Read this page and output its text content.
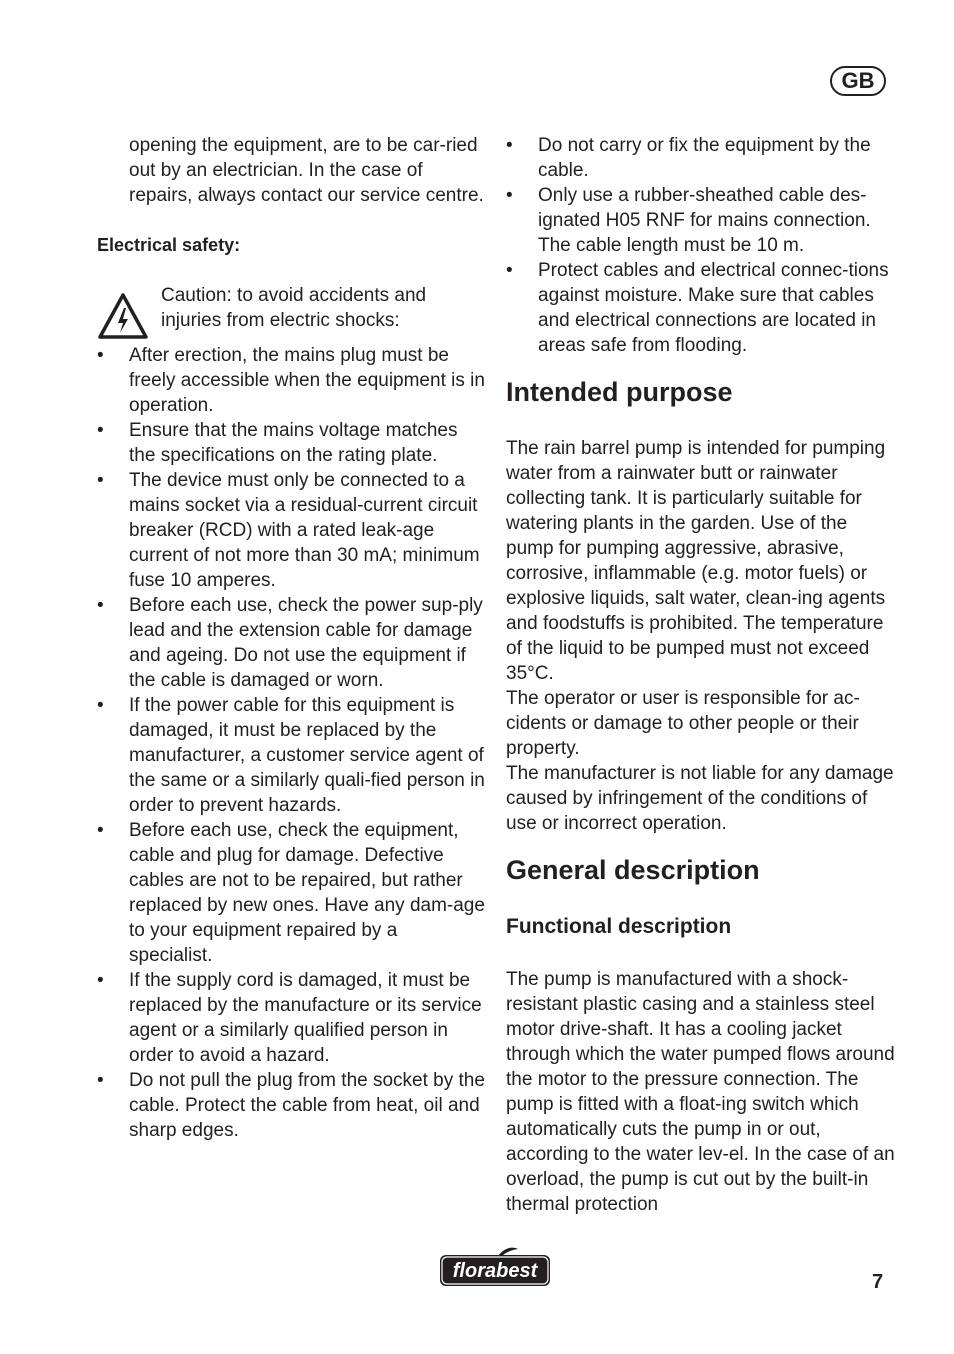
GB

opening the equipment, are to be car-ried out by an electrician. In the case of repairs, always contact our service centre.

Electrical safety:

Caution: to avoid accidents and injuries from electric shocks:

• After erection, the mains plug must be freely accessible when the equipment is in operation.
• Ensure that the mains voltage matches the specifications on the rating plate.
• The device must only be connected to a mains socket via a residual-current circuit breaker (RCD) with a rated leak-age current of not more than 30 mA; minimum fuse 10 amperes.
• Before each use, check the power sup-ply lead and the extension cable for damage and ageing. Do not use the equipment if the cable is damaged or worn.
• If the power cable for this equipment is damaged, it must be replaced by the manufacturer, a customer service agent of the same or a similarly quali-fied person in order to prevent hazards.
• Before each use, check the equipment, cable and plug for damage. Defective cables are not to be repaired, but rather replaced by new ones. Have any dam-age to your equipment repaired by a specialist.
• If the supply cord is damaged, it must be replaced by the manufacture or its service agent or a similarly qualified person in order to avoid a hazard.
• Do not pull the plug from the socket by the cable. Protect the cable from heat, oil and sharp edges.
• Do not carry or fix the equipment by the cable.
• Only use a rubber-sheathed cable des-ignated H05 RNF for mains connection. The cable length must be 10 m.
• Protect cables and electrical connec-tions against moisture. Make sure that cables and electrical connections are located in areas safe from flooding.
Intended purpose

The rain barrel pump is intended for pumping water from a rainwater butt or rainwater collecting tank. It is particularly suitable for watering plants in the garden. Use of the pump for pumping aggressive, abrasive, corrosive, inflammable (e.g. motor fuels) or explosive liquids, salt water, clean-ing agents and foodstuffs is prohibited. The temperature of the liquid to be pumped must not exceed 35°C.

The operator or user is responsible for ac-cidents or damage to other people or their property.

The manufacturer is not liable for any damage caused by infringement of the conditions of use or incorrect operation.

General description
Functional description

The pump is manufactured with a shock-resistant plastic casing and a stainless steel motor drive-shaft. It has a cooling jacket through which the water pumped flows around the motor to the pressure connection. The pump is fitted with a float-ing switch which automatically cuts the pump in or out, according to the water lev-el. In the case of an overload, the pump is cut out by the built-in thermal protection

florabest	7
